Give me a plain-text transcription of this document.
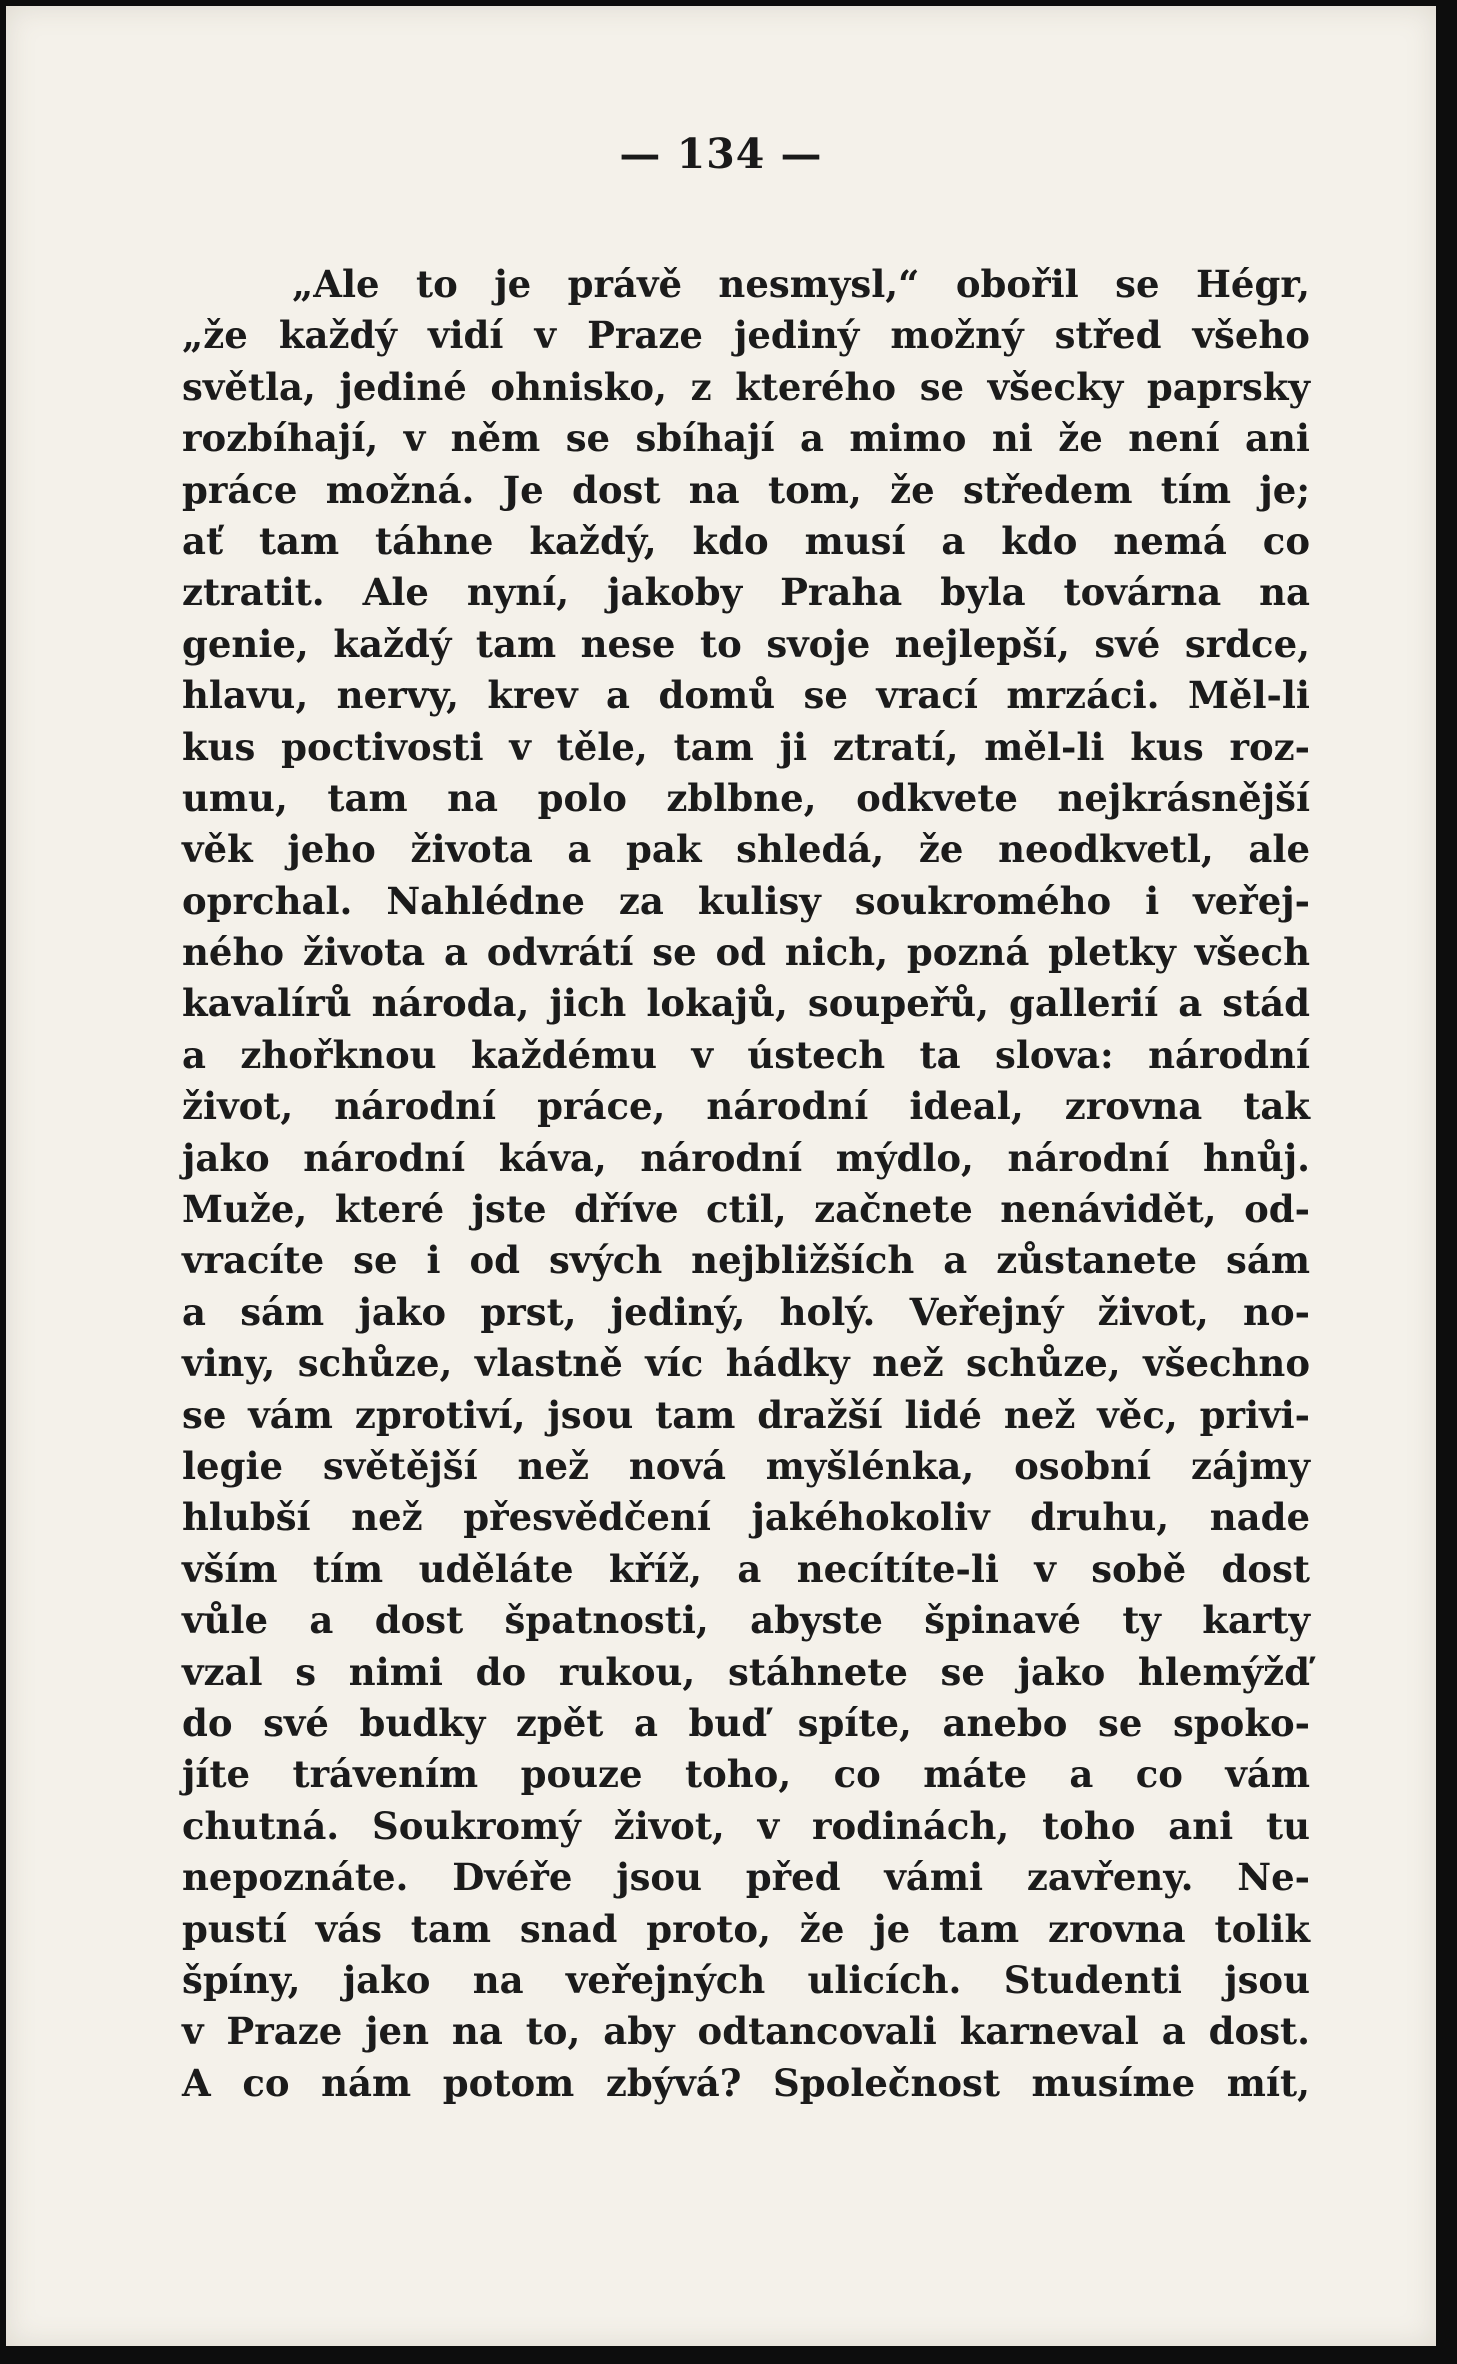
— 134 —
„Ale to je právě nesmysl,“ obořil se Hégr,
„že každý vidí v Praze jediný možný střed všeho
světla, jediné ohnisko, z kterého se všecky paprsky
rozbíhají, v něm se sbíhají a mimo ni že není ani
práce možná. Je dost na tom, že středem tím je;
ať tam táhne každý, kdo musí a kdo nemá co
ztratit. Ale nyní, jakoby Praha byla továrna na
genie, každý tam nese to svoje nejlepší, své srdce,
hlavu, nervy, krev a domů se vrací mrzáci. Měl-li
kus poctivosti v těle, tam ji ztratí, měl-li kus roz-
umu, tam na polo zblbne, odkvete nejkrásnější
věk jeho života a pak shledá, že neodkvetl, ale
oprchal. Nahlédne za kulisy soukromého i veřej-
ného života a odvrátí se od nich, pozná pletky všech
kavalírů národa, jich lokajů, soupeřů, gallerií a stád
a zhořknou každému v ústech ta slova: národní
život, národní práce, národní ideal, zrovna tak
jako národní káva, národní mýdlo, národní hnůj.
Muže, které jste dříve ctil, začnete nenávidět, od-
vracíte se i od svých nejbližších a zůstanete sám
a sám jako prst, jediný, holý. Veřejný život, no-
viny, schůze, vlastně víc hádky než schůze, všechno
se vám zprotiví, jsou tam dražší lidé než věc, privi-
legie světější než nová myšlénka, osobní zájmy
hlubší než přesvědčení jakéhokoliv druhu, nade
vším tím uděláte kříž, a necítíte-li v sobě dost
vůle a dost špatnosti, abyste špinavé ty karty
vzal s nimi do rukou, stáhnete se jako hlemýžď
do své budky zpět a buď spíte, anebo se spoko-
jíte trávením pouze toho, co máte a co vám
chutná. Soukromý život, v rodinách, toho ani tu
nepoznáte. Dvéře jsou před vámi zavřeny. Ne-
pustí vás tam snad proto, že je tam zrovna tolik
špíny, jako na veřejných ulicích. Studenti jsou
v Praze jen na to, aby odtancovali karneval a dost.
A co nám potom zbývá? Společnost musíme mít,
